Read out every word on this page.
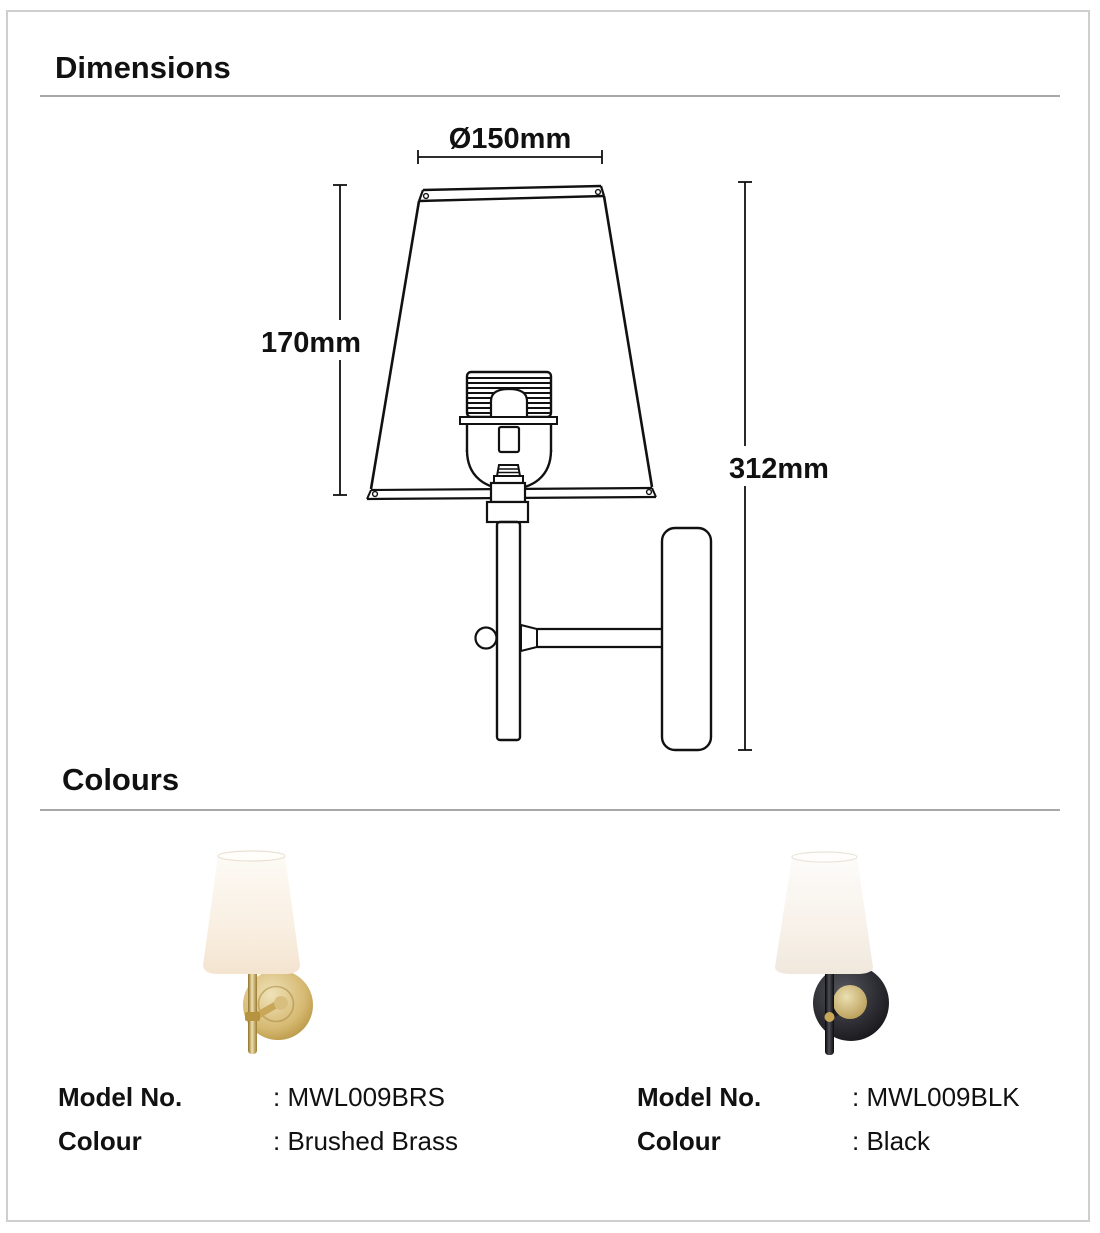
Dimensions
Ø150mm
170mm
312mm
Colours
Model No.	: MWL009BRS
Colour	: Brushed Brass
Model No.	: MWL009BLK
Colour	: Black
